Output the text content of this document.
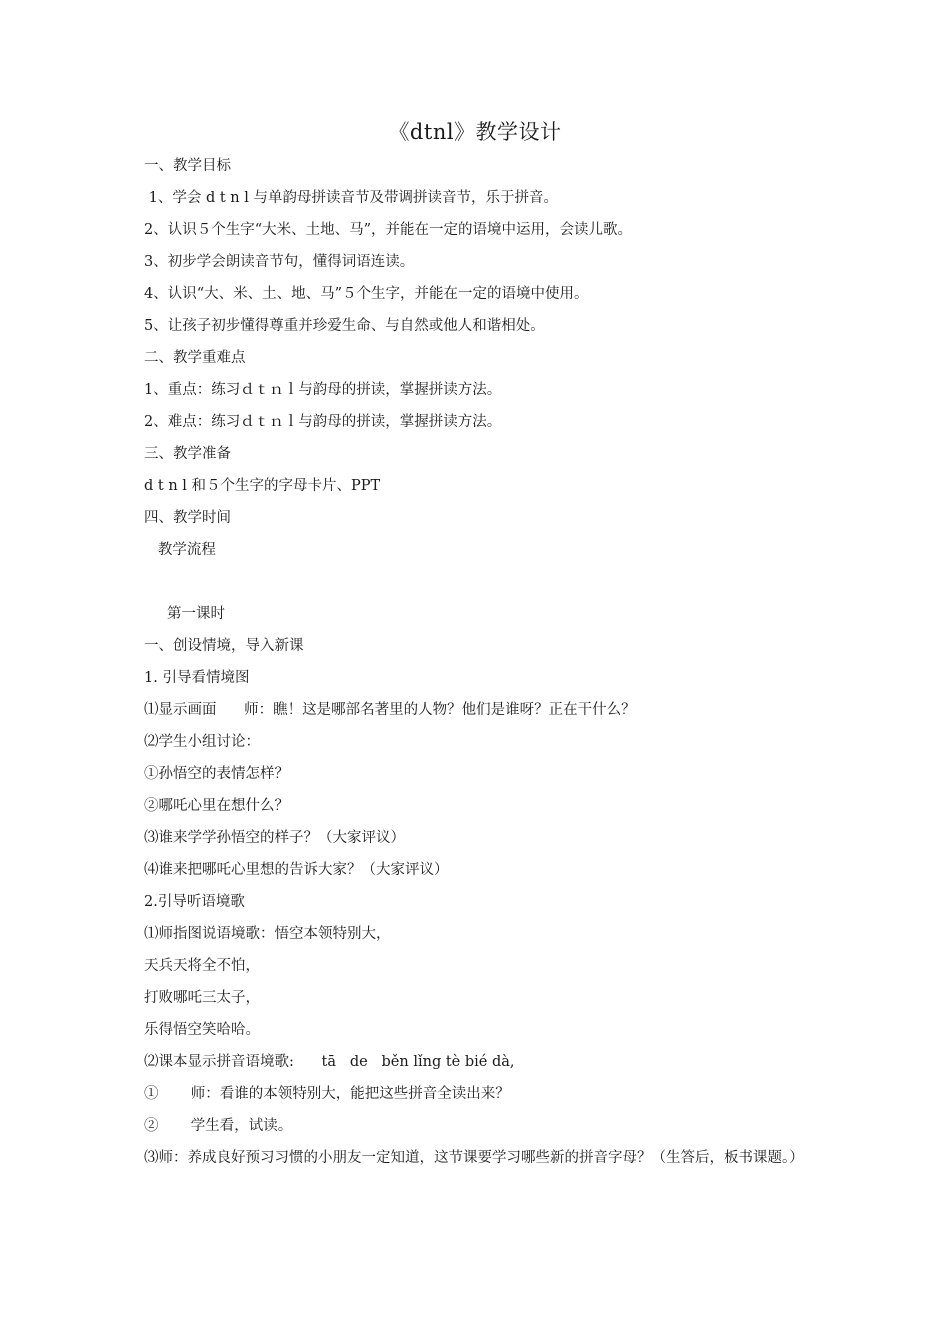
《dtnl》教学设计
一、教学目标
1、学会 d t n l 与单韵母拼读音节及带调拼读音节，乐于拼音。
2、认识５个生字“大米、土地、马”，并能在一定的语境中运用，会读儿歌。
3、初步学会朗读音节句，懂得词语连读。
4、认识“大、米、土、地、马”５个生字，并能在一定的语境中使用。
5、让孩子初步懂得尊重并珍爱生命、与自然或他人和谐相处。
二、教学重难点
1、重点：练习ｄｔｎｌ与韵母的拼读，掌握拼读方法。
2、难点：练习ｄｔｎｌ与韵母的拼读，掌握拼读方法。
三、教学准备
d t n l 和５个生字的字母卡片、PPT
四、教学时间
教学流程
第一课时
一、创设情境，导入新课
1. 引导看情境图
⑴显示画面      师：瞧！这是哪部名著里的人物？他们是谁呀？正在干什么？
⑵学生小组讨论：
①孙悟空的表情怎样？
②哪吒心里在想什么？
⑶谁来学学孙悟空的样子？（大家评议）
⑷谁来把哪吒心里想的告诉大家？（大家评议）
2.引导听语境歌
⑴师指图说语境歌：悟空本领特别大，
天兵天将全不怕，
打败哪吒三太子，
乐得悟空笑哈哈。
⑵课本显示拼音语境歌:      tā   de   běn lǐng tè bié dà,
①       师：看谁的本领特别大，能把这些拼音全读出来？
②       学生看，试读。
⑶师：养成良好预习习惯的小朋友一定知道，这节课要学习哪些新的拼音字母？（生答后，板书课题。）
